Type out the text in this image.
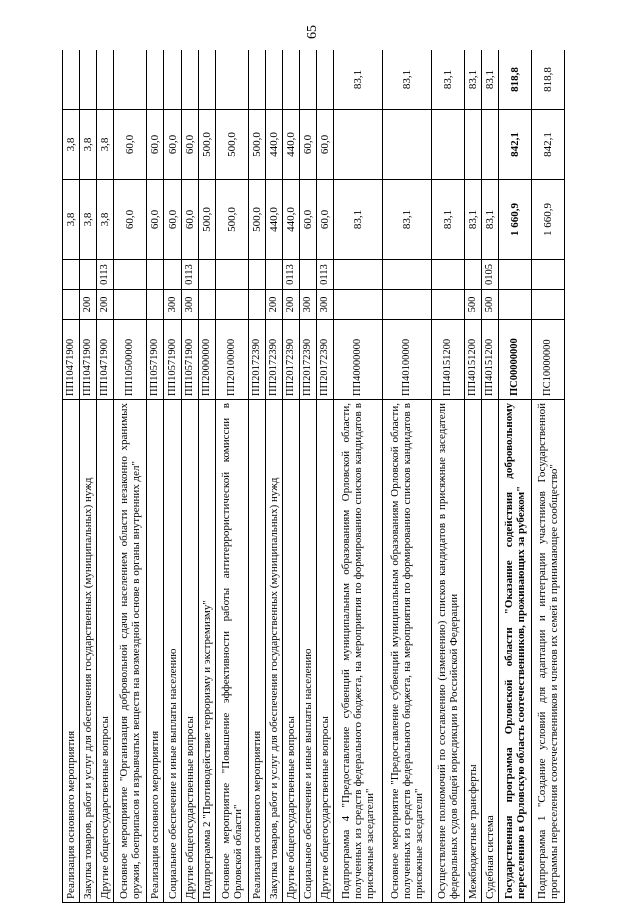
65
Реализация основного мероприятия	ПП10471900			3,8	3,8	
Закупка товаров, работ и услуг для обеспечения государственных (муниципальных) нужд	ПП10471900	200		3,8	3,8	
Другие общегосударственные вопросы	ПП10471900	200	0113	3,8	3,8	
Основное мероприятие "Организация добровольной сдачи населением области незаконно хранимых оружия, боеприпасов и взрывчатых веществ на возмездной основе в органы внутренних дел"	ПП10500000			60,0	60,0	
Реализация основного мероприятия	ПП10571900			60,0	60,0	
Социальное обеспечение и иные выплаты населению	ПП10571900	300		60,0	60,0	
Другие общегосударственные вопросы	ПП10571900	300	0113	60,0	60,0	
Подпрограмма 2 "Противодействие терроризму и экстремизму"	ПП20000000			500,0	500,0	
Основное мероприятие "Повышение эффективности работы антитеррористической комиссии в Орловской области"	ПП20100000			500,0	500,0	
Реализация основного мероприятия	ПП20172390			500,0	500,0	
Закупка товаров, работ и услуг для обеспечения государственных (муниципальных) нужд	ПП20172390	200		440,0	440,0	
Другие общегосударственные вопросы	ПП20172390	200	0113	440,0	440,0	
Социальное обеспечение и иные выплаты населению	ПП20172390	300		60,0	60,0	
Другие общегосударственные вопросы	ПП20172390	300	0113	60,0	60,0	
Подпрограмма 4 "Предоставление субвенций муниципальным образованиям Орловской области, полученных из средств федерального бюджета, на мероприятия по формированию списков кандидатов в присяжные заседатели"	ПП40000000			83,1		83,1
Основное мероприятие "Предоставление субвенций муниципальным образованиям Орловской области, полученных из средств федерального бюджета, на мероприятия по формированию списков кандидатов в присяжные заседатели"	ПП40100000			83,1		83,1
Осуществление полномочий по составлению (изменению) списков кандидатов в присяжные заседатели федеральных судов общей юрисдикции в Российской Федерации	ПП40151200			83,1		83,1
Межбюджетные трансферты	ПП40151200	500		83,1		83,1
Судебная система	ПП40151200	500	0105	83,1		83,1
Государственная программа Орловской области "Оказание содействия добровольному переселению в Орловскую область соотечественников, проживающих за рубежом"	ПС00000000			1 660,9	842,1	818,8
Подпрограмма 1 "Создание условий для адаптации и интеграции участников Государственной программы переселения соотечественников и членов их семей в принимающее сообщество"	ПС10000000			1 660,9	842,1	818,8
